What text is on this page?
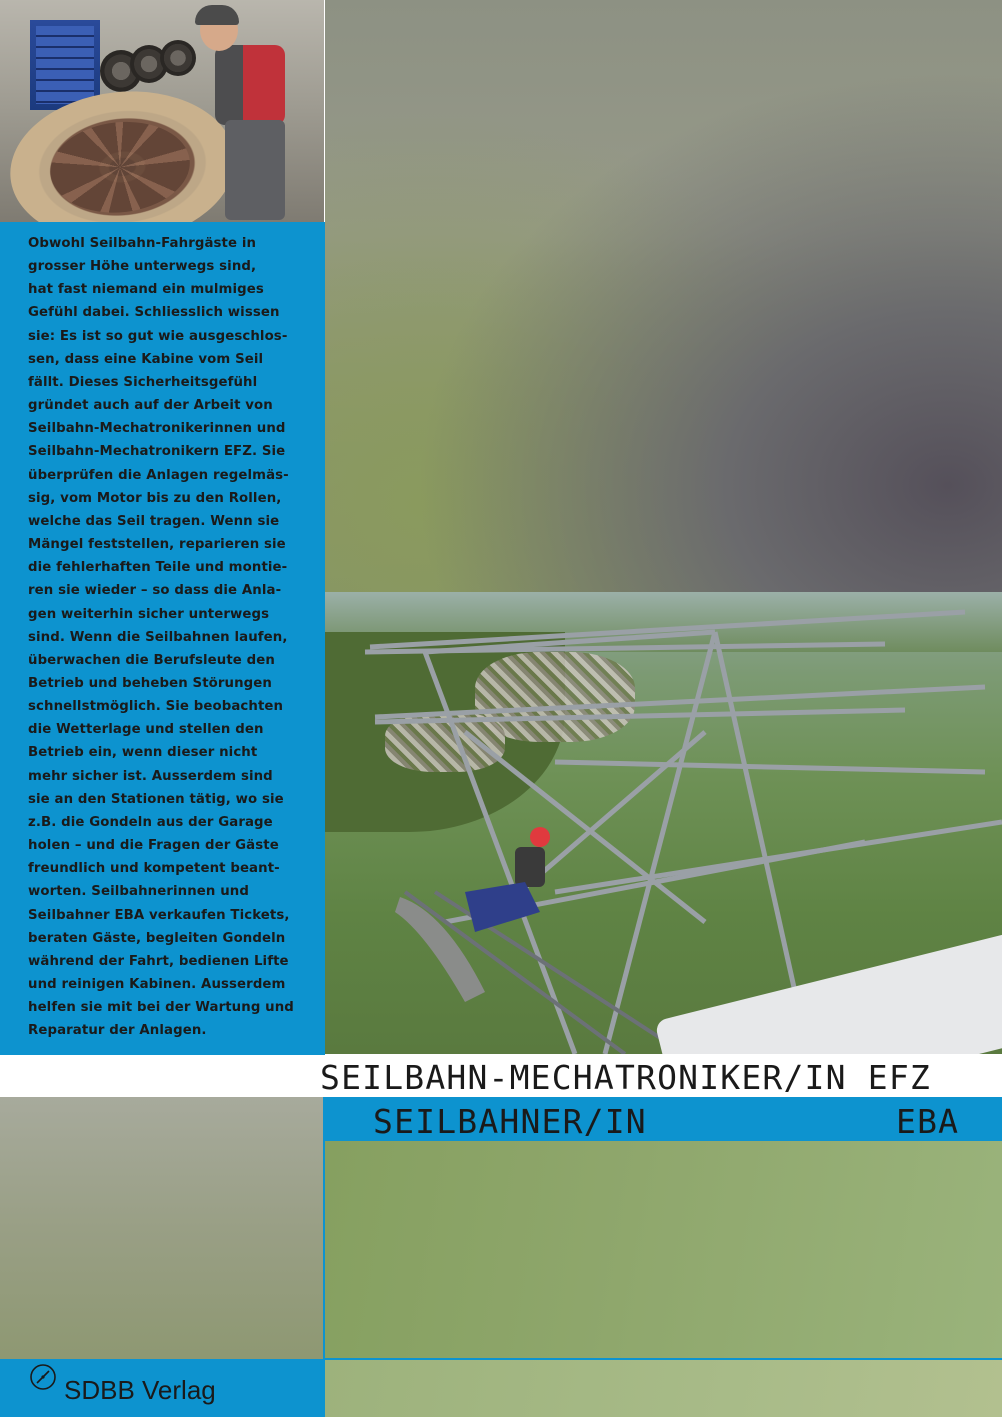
Obwohl Seilbahn-Fahrgäste in
grosser Höhe unterwegs sind,
hat fast niemand ein mulmiges
Gefühl dabei. Schliesslich wissen
sie: Es ist so gut wie ausgeschlos-
sen, dass eine Kabine vom Seil
fällt. Dieses Sicherheitsgefühl
gründet auch auf der Arbeit von
Seilbahn-Mechatronikerinnen und
Seilbahn-Mechatronikern EFZ. Sie
überprüfen die Anlagen regelmäs-
sig, vom Motor bis zu den Rollen,
welche das Seil tragen. Wenn sie
Mängel feststellen, reparieren sie
die fehlerhaften Teile und montie-
ren sie wieder – so dass die Anla-
gen weiterhin sicher unterwegs
sind. Wenn die Seilbahnen laufen,
überwachen die Berufsleute den
Betrieb und beheben Störungen
schnellstmöglich. Sie beobachten
die Wetterlage und stellen den
Betrieb ein, wenn dieser nicht
mehr sicher ist. Ausserdem sind
sie an den Stationen tätig, wo sie
z.B. die Gondeln aus der Garage
holen – und die Fragen der Gäste
freundlich und kompetent beant-
worten. Seilbahnerinnen und
Seilbahner EBA verkaufen Tickets,
beraten Gäste, begleiten Gondeln
während der Fahrt, bedienen Lifte
und reinigen Kabinen. Ausserdem
helfen sie mit bei der Wartung und
Reparatur der Anlagen.

SEILBAHN-MECHATRONIKER/IN EFZ
SEILBAHNER/IN	EBA
SDBB Verlag
